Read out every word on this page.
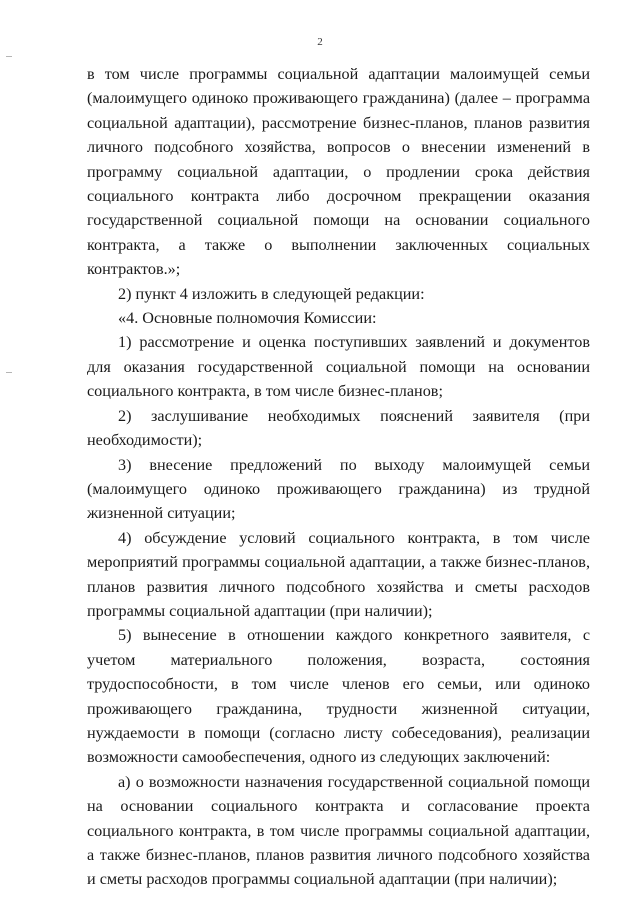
2

в том числе программы социальной адаптации малоимущей семьи (малоимущего одиноко проживающего гражданина) (далее – программа социальной адаптации), рассмотрение бизнес-планов, планов развития личного подсобного хозяйства, вопросов о внесении изменений в программу социальной адаптации, о продлении срока действия социального контракта либо досрочном прекращении оказания государственной социальной помощи на основании социального контракта, а также о выполнении заключенных социальных контрактов.»;

2) пункт 4 изложить в следующей редакции:

«4. Основные полномочия Комиссии:

1) рассмотрение и оценка поступивших заявлений и документов для оказания государственной социальной помощи на основании социального контракта, в том числе бизнес-планов;

2) заслушивание необходимых пояснений заявителя (при необходимости);

3) внесение предложений по выходу малоимущей семьи (малоимущего одиноко проживающего гражданина) из трудной жизненной ситуации;

4) обсуждение условий социального контракта, в том числе мероприятий программы социальной адаптации, а также бизнес-планов, планов развития личного подсобного хозяйства и сметы расходов программы социальной адаптации (при наличии);

5) вынесение в отношении каждого конкретного заявителя, с учетом материального положения, возраста, состояния трудоспособности, в том числе членов его семьи, или одиноко проживающего гражданина, трудности жизненной ситуации, нуждаемости в помощи (согласно листу собеседования), реализации возможности самообеспечения, одного из следующих заключений:

а) о возможности назначения государственной социальной помощи на основании социального контракта и согласование проекта социального контракта, в том числе программы социальной адаптации, а также бизнес-планов, планов развития личного подсобного хозяйства и сметы расходов программы социальной адаптации (при наличии);
